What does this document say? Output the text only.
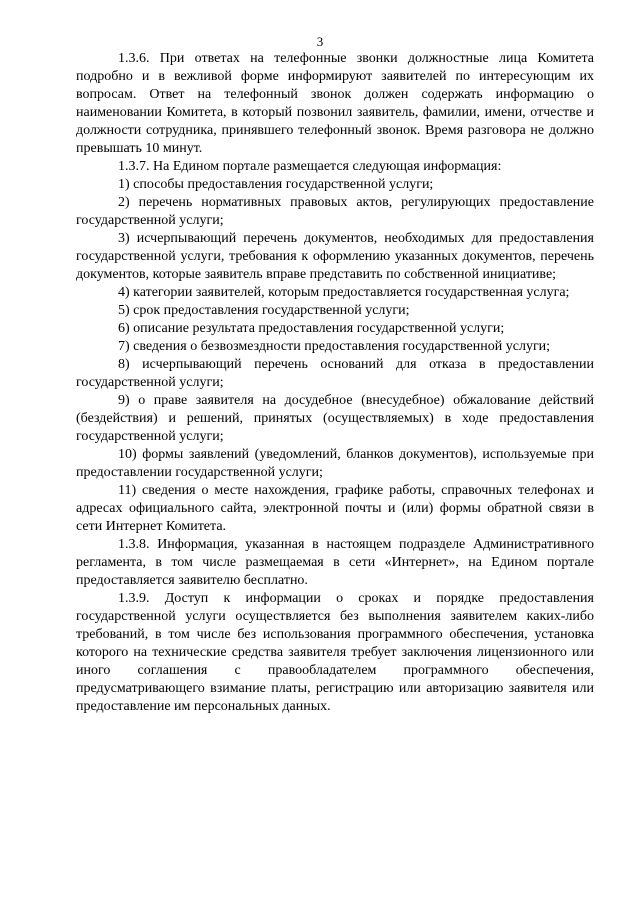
3

1.3.6. При ответах на телефонные звонки должностные лица Комитета подробно и в вежливой форме информируют заявителей по интересующим их вопросам. Ответ на телефонный звонок должен содержать информацию о наименовании Комитета, в который позвонил заявитель, фамилии, имени, отчестве и должности сотрудника, принявшего телефонный звонок. Время разговора не должно превышать 10 минут.

1.3.7. На Едином портале размещается следующая информация:

1) способы предоставления государственной услуги;

2) перечень нормативных правовых актов, регулирующих предоставление государственной услуги;

3) исчерпывающий перечень документов, необходимых для предоставления государственной услуги, требования к оформлению указанных документов, перечень документов, которые заявитель вправе представить по собственной инициативе;

4) категории заявителей, которым предоставляется государственная услуга;

5) срок предоставления государственной услуги;

6) описание результата предоставления государственной услуги;

7) сведения о безвозмездности предоставления государственной услуги;

8) исчерпывающий перечень оснований для отказа в предоставлении государственной услуги;

9) о праве заявителя на досудебное (внесудебное) обжалование действий (бездействия) и решений, принятых (осуществляемых) в ходе предоставления государственной услуги;

10) формы заявлений (уведомлений, бланков документов), используемые при предоставлении государственной услуги;

11) сведения о месте нахождения, графике работы, справочных телефонах и адресах официального сайта, электронной почты и (или) формы обратной связи в сети Интернет Комитета.

1.3.8. Информация, указанная в настоящем подразделе Административного регламента, в том числе размещаемая в сети «Интернет», на Едином портале предоставляется заявителю бесплатно.

1.3.9. Доступ к информации о сроках и порядке предоставления государственной услуги осуществляется без выполнения заявителем каких-либо требований, в том числе без использования программного обеспечения, установка которого на технические средства заявителя требует заключения лицензионного или иного соглашения с правообладателем программного обеспечения, предусматривающего взимание платы, регистрацию или авторизацию заявителя или предоставление им персональных данных.
